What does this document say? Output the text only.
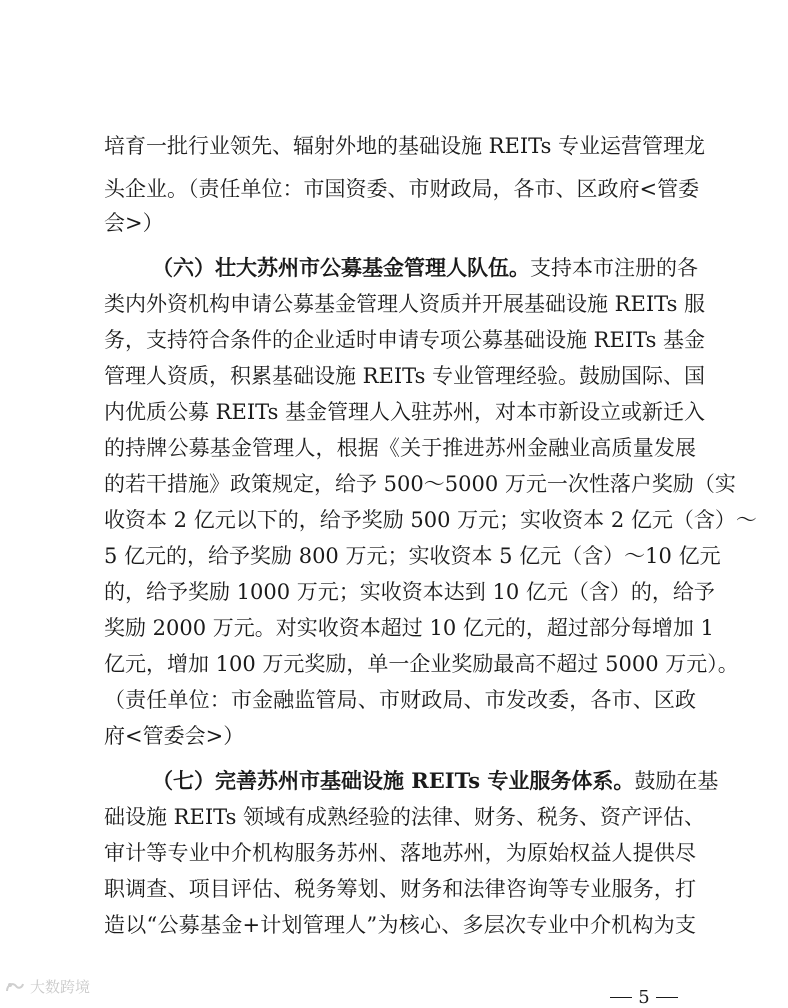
培育一批行业领先、辐射外地的基础设施 REITs 专业运营管理龙
头企业。（责任单位：市国资委、市财政局，各市、区政府<管委
会>）
（六）壮大苏州市公募基金管理人队伍。支持本市注册的各
类内外资机构申请公募基金管理人资质并开展基础设施 REITs 服
务，支持符合条件的企业适时申请专项公募基础设施 REITs 基金
管理人资质，积累基础设施 REITs 专业管理经验。鼓励国际、国
内优质公募 REITs 基金管理人入驻苏州，对本市新设立或新迁入
的持牌公募基金管理人，根据《关于推进苏州金融业高质量发展
的若干措施》政策规定，给予 500～5000 万元一次性落户奖励（实
收资本 2 亿元以下的，给予奖励 500 万元；实收资本 2 亿元（含）～
5 亿元的，给予奖励 800 万元；实收资本 5 亿元（含）～10 亿元
的，给予奖励 1000 万元；实收资本达到 10 亿元（含）的，给予
奖励 2000 万元。对实收资本超过 10 亿元的，超过部分每增加 1
亿元，增加 100 万元奖励，单一企业奖励最高不超过 5000 万元）。
（责任单位：市金融监管局、市财政局、市发改委，各市、区政
府<管委会>）
（七）完善苏州市基础设施 REITs 专业服务体系。鼓励在基
础设施 REITs 领域有成熟经验的法律、财务、税务、资产评估、
审计等专业中介机构服务苏州、落地苏州，为原始权益人提供尽
职调查、项目评估、税务筹划、财务和法律咨询等专业服务，打
造以“公募基金+计划管理人”为核心、多层次专业中介机构为支
5
大数跨境
